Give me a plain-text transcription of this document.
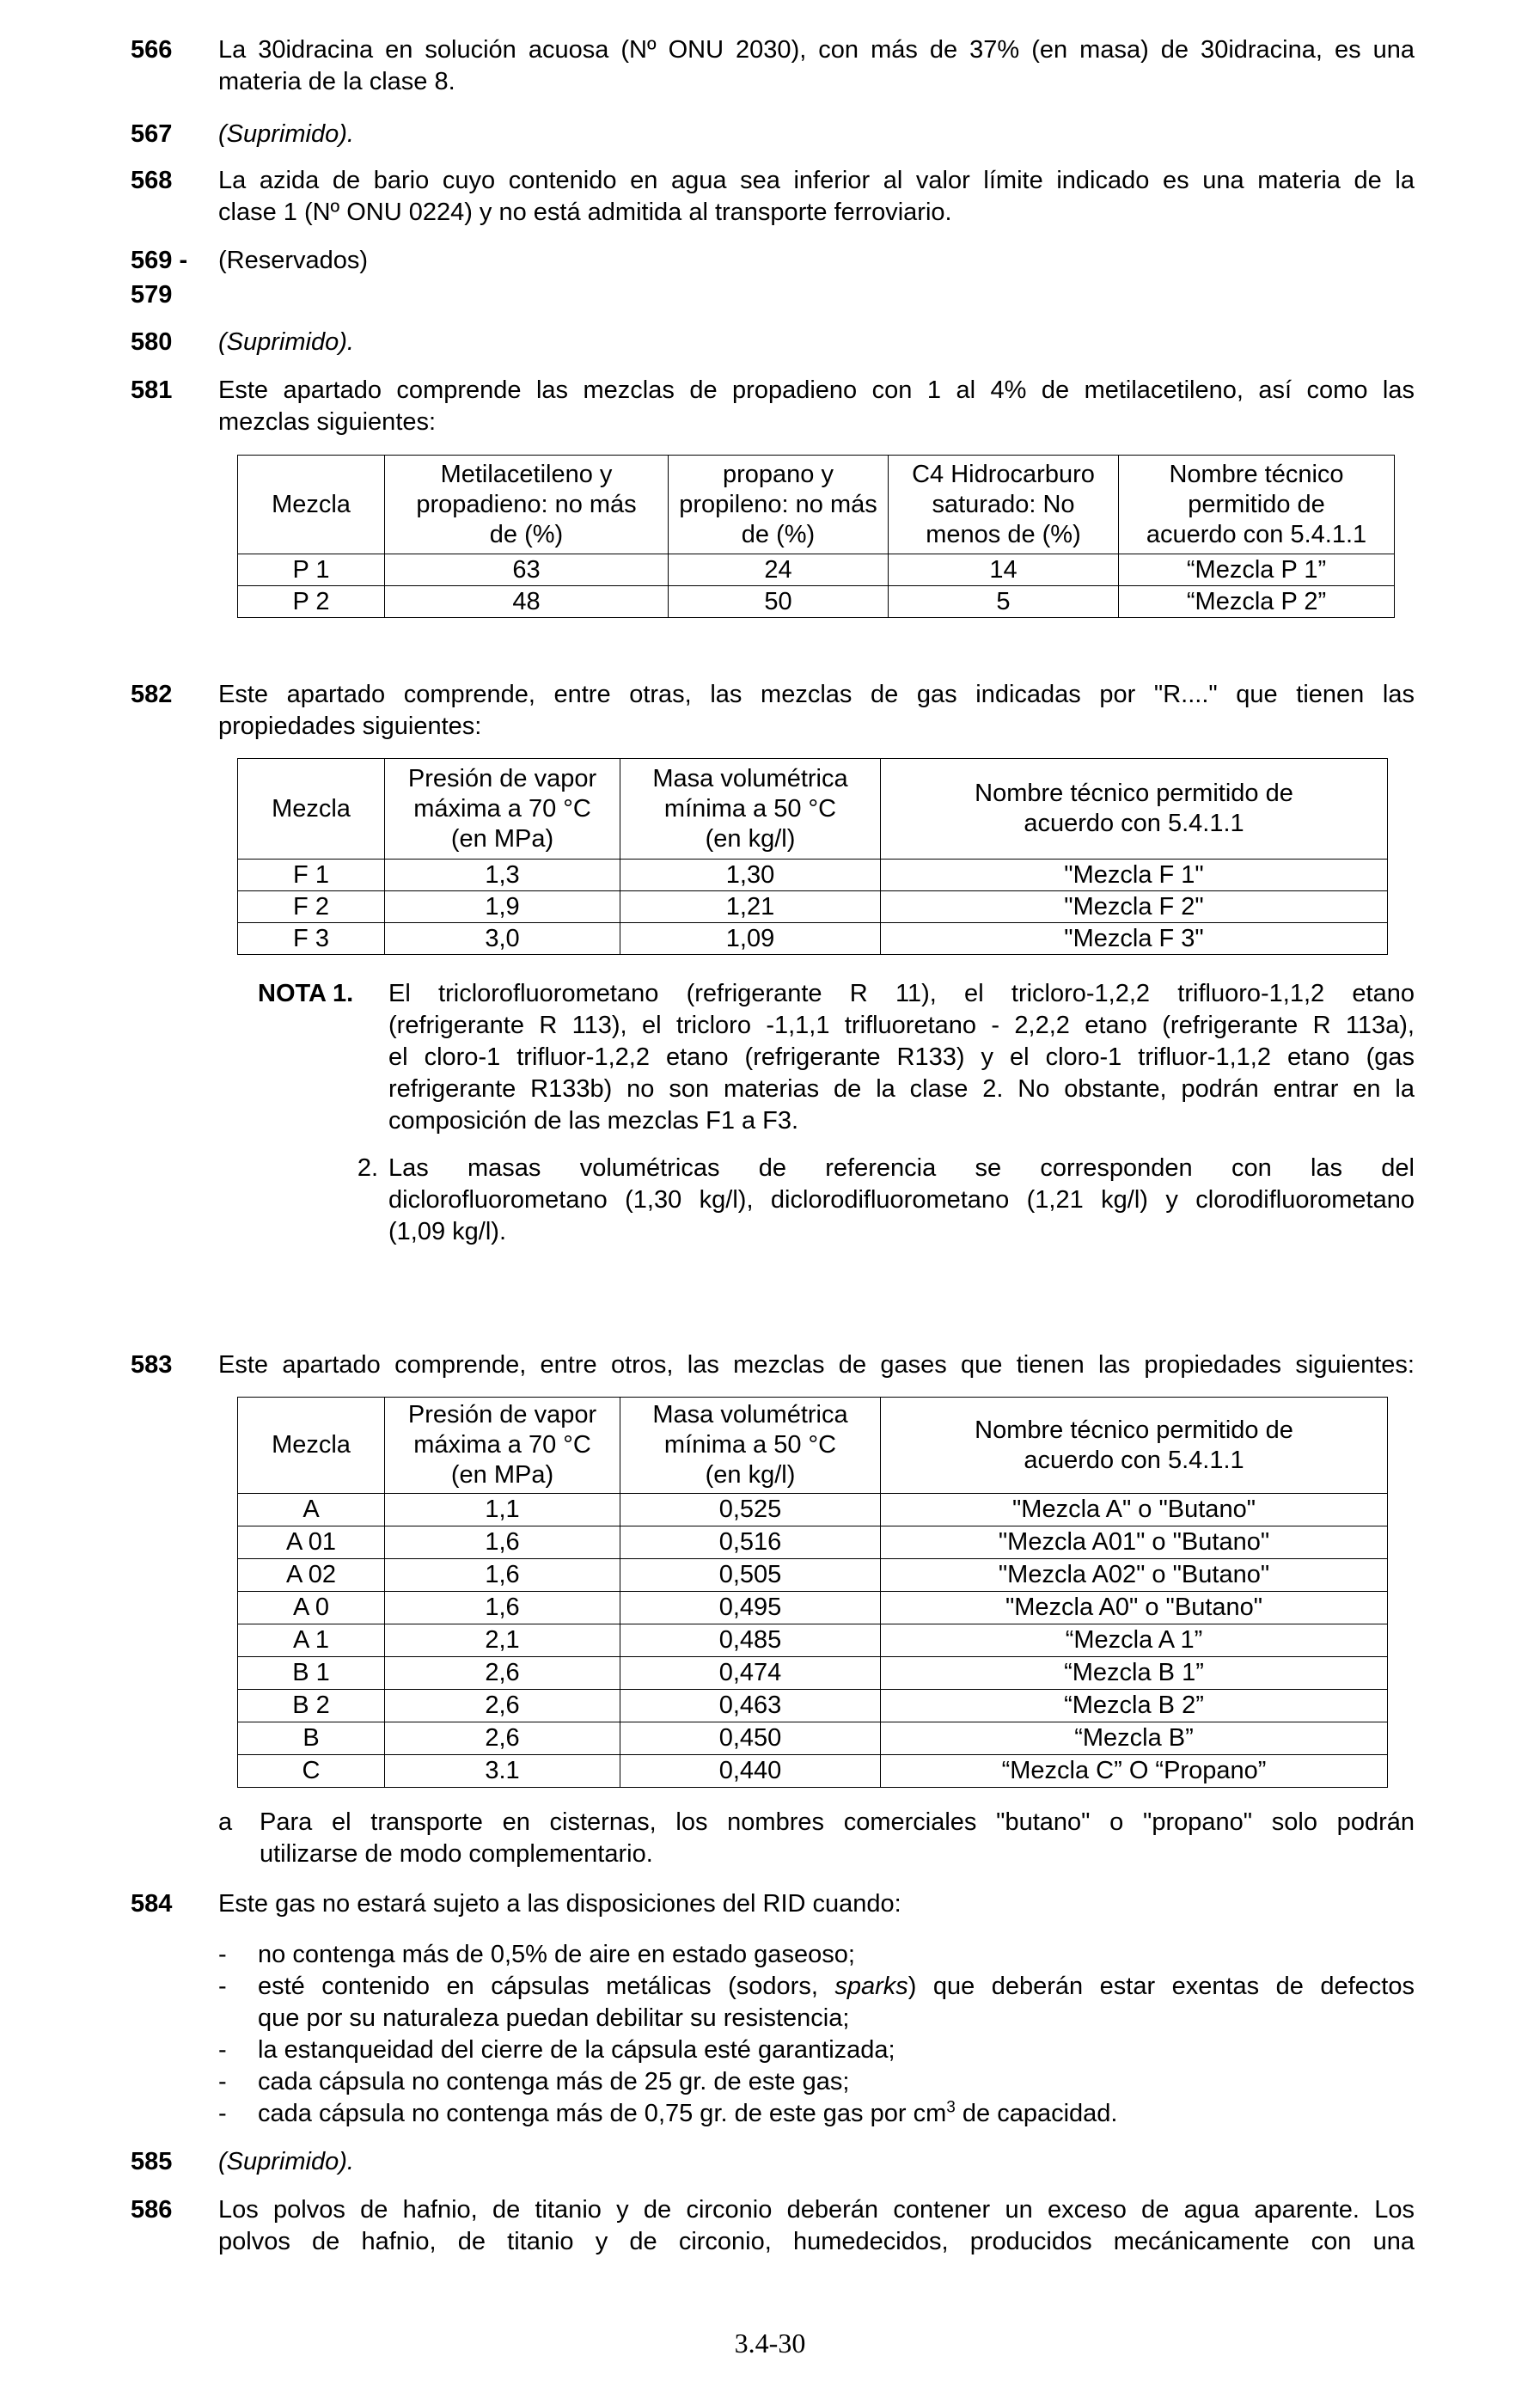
566	La 30idracina en solución acuosa (Nº ONU 2030), con más de 37% (en masa) de 30idracina, es una
materia de la clase 8.
567	(Suprimido).
568	La azida de bario cuyo contenido en agua sea inferior al valor límite indicado es una materia de la
clase 1 (Nº ONU 0224) y no está admitida al transporte ferroviario.
569 -
579
(Reservados)
580	(Suprimido).
581	Este apartado comprende las mezclas de propadieno con 1 al 4% de metilacetileno, así como las
mezclas siguientes:
Mezcla	Metilacetileno y
propadieno: no más
de (%)	propano y
propileno: no más
de (%)	C4 Hidrocarburo
saturado: No
menos de (%)	Nombre técnico
permitido de
acuerdo con 5.4.1.1

P 1	63	24	14	“Mezcla P 1”
P 2	48	50	5	“Mezcla P 2”
582	Este apartado comprende, entre otras, las mezclas de gas indicadas por "R...." que tienen las
propiedades siguientes:
Mezcla	Presión de vapor
máxima a 70 °C
(en MPa)	Masa volumétrica
mínima a 50 °C
(en kg/l)	Nombre técnico permitido de
acuerdo con 5.4.1.1

F 1	1,3	1,30	"Mezcla F 1"
F 2	1,9	1,21	"Mezcla F 2"
F 3	3,0	1,09	"Mezcla F 3"
NOTA 1.	El triclorofluorometano (refrigerante R 11), el tricloro-1,2,2 trifluoro-1,1,2 etano
(refrigerante R 113), el tricloro -1,1,1 trifluoretano - 2,2,2 etano (refrigerante R 113a),
el cloro-1 trifluor-1,2,2 etano (refrigerante R133) y el cloro-1 trifluor-1,1,2 etano (gas
refrigerante R133b) no son materias de la clase 2. No obstante, podrán entrar en la
composición de las mezclas F1 a F3.
2. Las masas volumétricas de referencia se corresponden con las del
diclorofluorometano (1,30 kg/l), diclorodifluorometano (1,21 kg/l) y clorodifluorometano
(1,09 kg/l).
583	Este apartado comprende, entre otros, las mezclas de gases que tienen las propiedades siguientes:
Mezcla	Presión de vapor
máxima a 70 °C
(en MPa)	Masa volumétrica
mínima a 50 °C
(en kg/l)	Nombre técnico permitido de
acuerdo con 5.4.1.1

A	1,1	0,525	"Mezcla A" o "Butano"
A 01	1,6	0,516	"Mezcla A01" o "Butano"
A 02	1,6	0,505	"Mezcla A02" o "Butano"
A 0	1,6	0,495	"Mezcla A0" o "Butano"
A 1	2,1	0,485	“Mezcla A 1”
B 1	2,6	0,474	“Mezcla B 1”
B 2	2,6	0,463	“Mezcla B 2”
B	2,6	0,450	“Mezcla B”
C	3.1	0,440	“Mezcla C” O “Propano”
a Para el transporte en cisternas, los nombres comerciales "butano" o "propano" solo podrán
utilizarse de modo complementario.
584	Este gas no estará sujeto a las disposiciones del RID cuando:
-	no contenga más de 0,5% de aire en estado gaseoso;
-	esté contenido en cápsulas metálicas (sodors, sparks) que deberán estar exentas de defectos
que por su naturaleza puedan debilitar su resistencia;
-	la estanqueidad del cierre de la cápsula esté garantizada;
-	cada cápsula no contenga más de 25 gr. de este gas;
-	cada cápsula no contenga más de 0,75 gr. de este gas por $cm^3$ de capacidad.
585	(Suprimido).
586	Los polvos de hafnio, de titanio y de circonio deberán contener un exceso de agua aparente. Los
polvos de hafnio, de titanio y de circonio, humedecidos, producidos mecánicamente con una
3.4-30
